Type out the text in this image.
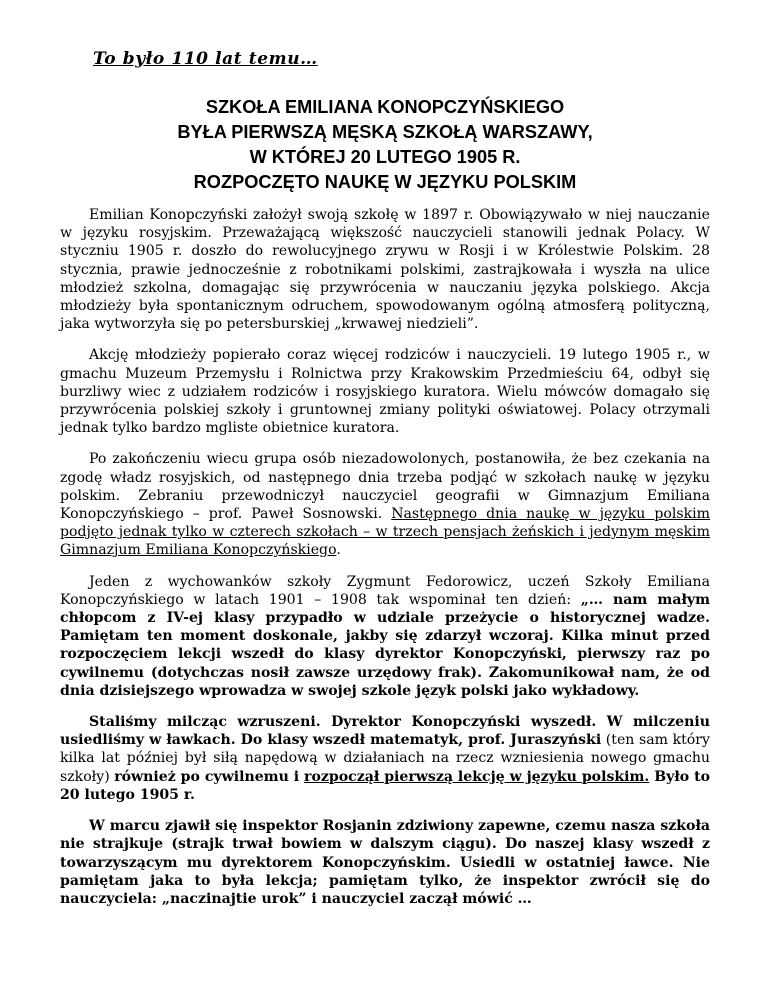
To było 110 lat temu…
SZKOŁA EMILIANA KONOPCZYŃSKIEGO
BYŁA PIERWSZĄ MĘSKĄ SZKOŁĄ WARSZAWY,
W KTÓREJ 20 LUTEGO 1905 R.
ROZPOCZĘTO NAUKĘ W JĘZYKU POLSKIM

Emilian Konopczyński założył swoją szkołę w 1897 r. Obowiązywało w niej nauczanie w języku rosyjskim. Przeważającą większość nauczycieli stanowili jednak Polacy. W styczniu 1905 r. doszło do rewolucyjnego zrywu w Rosji i w Królestwie Polskim. 28 stycznia, prawie jednocześnie z robotnikami polskimi, zastrajkowała i wyszła na ulice młodzież szkolna, domagając się przywrócenia w nauczaniu języka polskiego. Akcja młodzieży była spontanicznym odruchem, spowodowanym ogólną atmosferą polityczną, jaka wytworzyła się po petersburskiej „krwawej niedzieli”.

Akcję młodzieży popierało coraz więcej rodziców i nauczycieli. 19 lutego 1905 r., w gmachu Muzeum Przemysłu i Rolnictwa przy Krakowskim Przedmieściu 64, odbył się burzliwy wiec z udziałem rodziców i rosyjskiego kuratora. Wielu mówców domagało się przywrócenia polskiej szkoły i gruntownej zmiany polityki oświatowej. Polacy otrzymali jednak tylko bardzo mgliste obietnice kuratora.

Po zakończeniu wiecu grupa osób niezadowolonych, postanowiła, że bez czekania na zgodę władz rosyjskich, od następnego dnia trzeba podjąć w szkołach naukę w języku polskim. Zebraniu przewodniczył nauczyciel geografii w Gimnazjum Emiliana Konopczyńskiego – prof. Paweł Sosnowski. Następnego dnia naukę w języku polskim podjęto jednak tylko w czterech szkołach – w trzech pensjach żeńskich i jedynym męskim Gimnazjum Emiliana Konopczyńskiego.

Jeden z wychowanków szkoły Zygmunt Fedorowicz, uczeń Szkoły Emiliana Konopczyńskiego w latach 1901 – 1908 tak wspominał ten dzień: „… nam małym chłopcom z IV-ej klasy przypadło w udziale przeżycie o historycznej wadze. Pamiętam ten moment doskonale, jakby się zdarzył wczoraj. Kilka minut przed rozpoczęciem lekcji wszedł do klasy dyrektor Konopczyński, pierwszy raz po cywilnemu (dotychczas nosił zawsze urzędowy frak). Zakomunikował nam, że od dnia dzisiejszego wprowadza w swojej szkole język polski jako wykładowy.

Staliśmy milcząc wzruszeni. Dyrektor Konopczyński wyszedł. W milczeniu usiedliśmy w ławkach. Do klasy wszedł matematyk, prof. Juraszyński (ten sam który kilka lat później był siłą napędową w działaniach na rzecz wzniesienia nowego gmachu szkoły) również po cywilnemu i rozpoczął pierwszą lekcję w języku polskim. Było to 20 lutego 1905 r.

W marcu zjawił się inspektor Rosjanin zdziwiony zapewne, czemu nasza szkoła nie strajkuje (strajk trwał bowiem w dalszym ciągu). Do naszej klasy wszedł z towarzyszącym mu dyrektorem Konopczyńskim. Usiedli w ostatniej ławce. Nie pamiętam jaka to była lekcja; pamiętam tylko, że inspektor zwrócił się do nauczyciela: „naczinajtie urok” i nauczyciel zaczął mówić …
